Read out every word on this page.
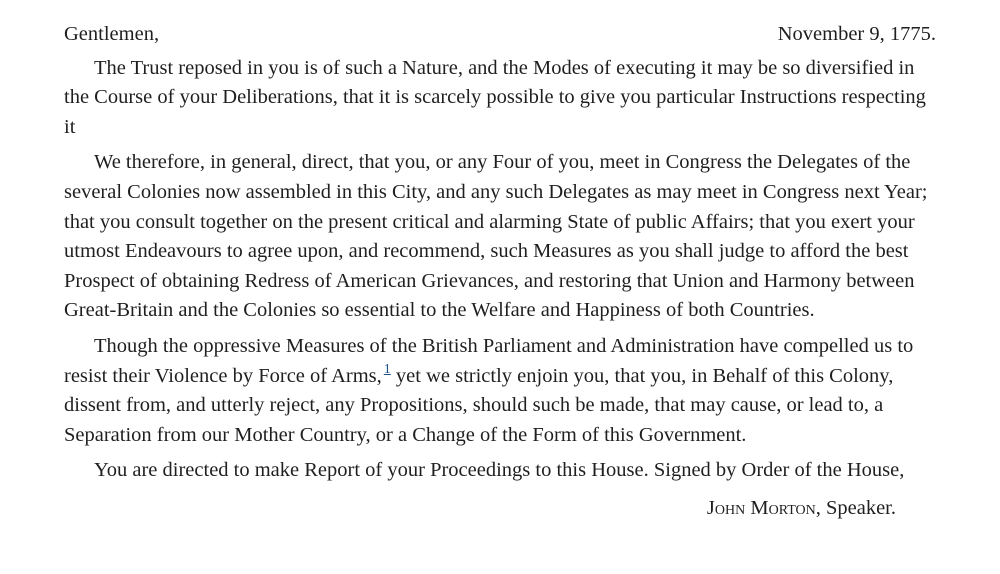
Gentlemen,	November 9, 1775.

The Trust reposed in you is of such a Nature, and the Modes of executing it may be so diversified in the Course of your Deliberations, that it is scarcely possible to give you particular Instructions respecting it

We therefore, in general, direct, that you, or any Four of you, meet in Congress the Delegates of the several Colonies now assembled in this City, and any such Delegates as may meet in Congress next Year; that you consult together on the present critical and alarming State of public Affairs; that you exert your utmost Endeavours to agree upon, and recommend, such Measures as you shall judge to afford the best Prospect of obtaining Redress of American Grievances, and restoring that Union and Harmony between Great-Britain and the Colonies so essential to the Welfare and Happiness of both Countries.

Though the oppressive Measures of the British Parliament and Administration have compelled us to resist their Violence by Force of Arms, $^1$ yet we strictly enjoin you, that you, in Behalf of this Colony, dissent from, and utterly reject, any Propositions, should such be made, that may cause, or lead to, a Separation from our Mother Country, or a Change of the Form of this Government.

You are directed to make Report of your Proceedings to this House. Signed by Order of the House,

John Morton, Speaker.
